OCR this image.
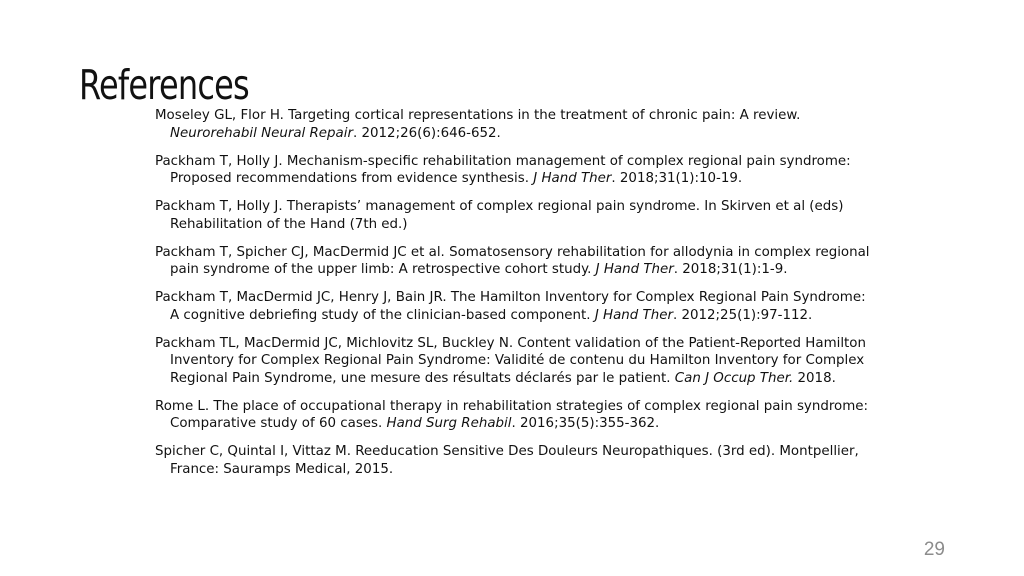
References
Moseley GL, Flor H. Targeting cortical representations in the treatment of chronic pain: A review. Neurorehabil Neural Repair. 2012;26(6):646-652.
Packham T, Holly J. Mechanism-specific rehabilitation management of complex regional pain syndrome: Proposed recommendations from evidence synthesis. J Hand Ther. 2018;31(1):10-19.
Packham T, Holly J. Therapists’ management of complex regional pain syndrome. In Skirven et al (eds) Rehabilitation of the Hand (7th ed.)
Packham T, Spicher CJ, MacDermid JC et al. Somatosensory rehabilitation for allodynia in complex regional pain syndrome of the upper limb: A retrospective cohort study. J Hand Ther. 2018;31(1):1-9.
Packham T, MacDermid JC, Henry J, Bain JR. The Hamilton Inventory for Complex Regional Pain Syndrome: A cognitive debriefing study of the clinician-based component. J Hand Ther. 2012;25(1):97-112.
Packham TL, MacDermid JC, Michlovitz SL, Buckley N. Content validation of the Patient-Reported Hamilton Inventory for Complex Regional Pain Syndrome: Validité de contenu du Hamilton Inventory for Complex Regional Pain Syndrome, une mesure des résultats déclarés par le patient. Can J Occup Ther. 2018.
Rome L. The place of occupational therapy in rehabilitation strategies of complex regional pain syndrome: Comparative study of 60 cases. Hand Surg Rehabil. 2016;35(5):355-362.
Spicher C, Quintal I, Vittaz M. Reeducation Sensitive Des Douleurs Neuropathiques. (3rd ed). Montpellier, France: Sauramps Medical, 2015.
29
